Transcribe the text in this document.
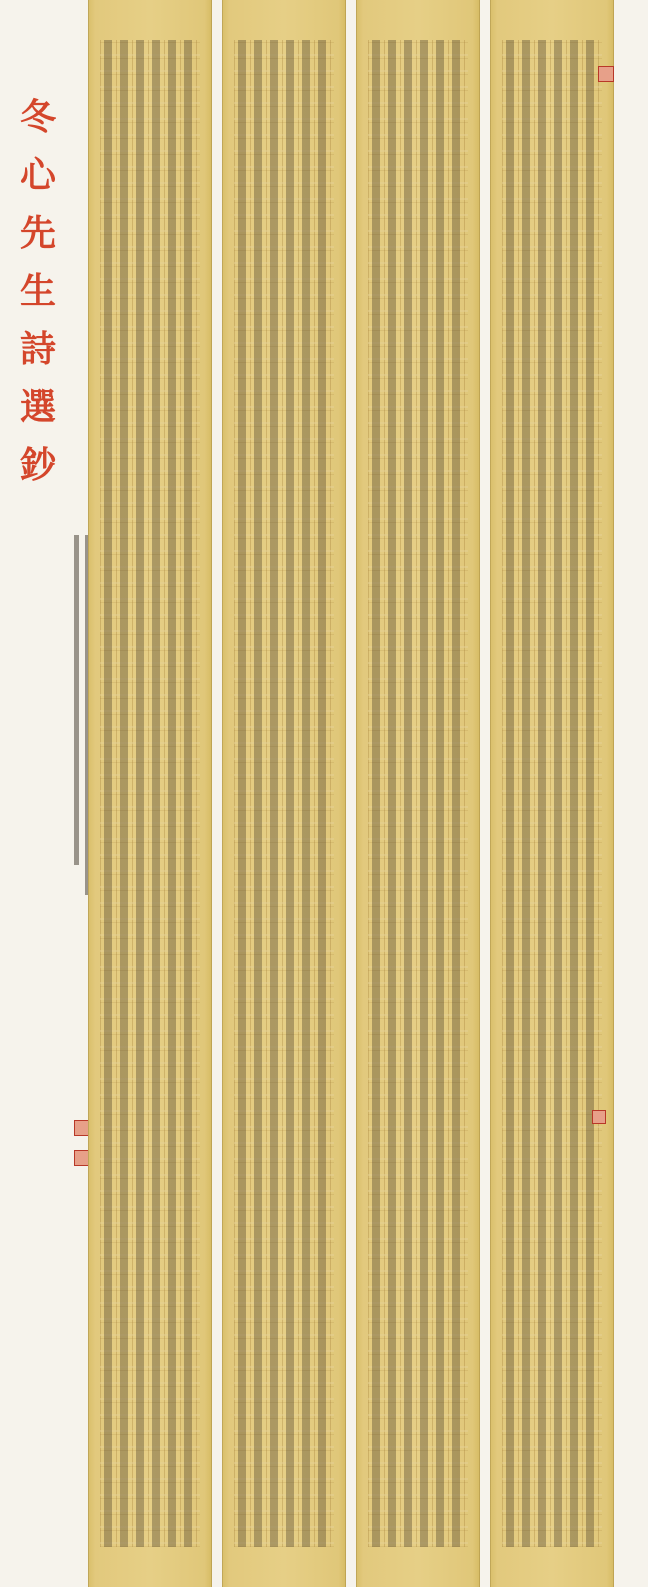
冬
心
先
生
詩
選
鈔
